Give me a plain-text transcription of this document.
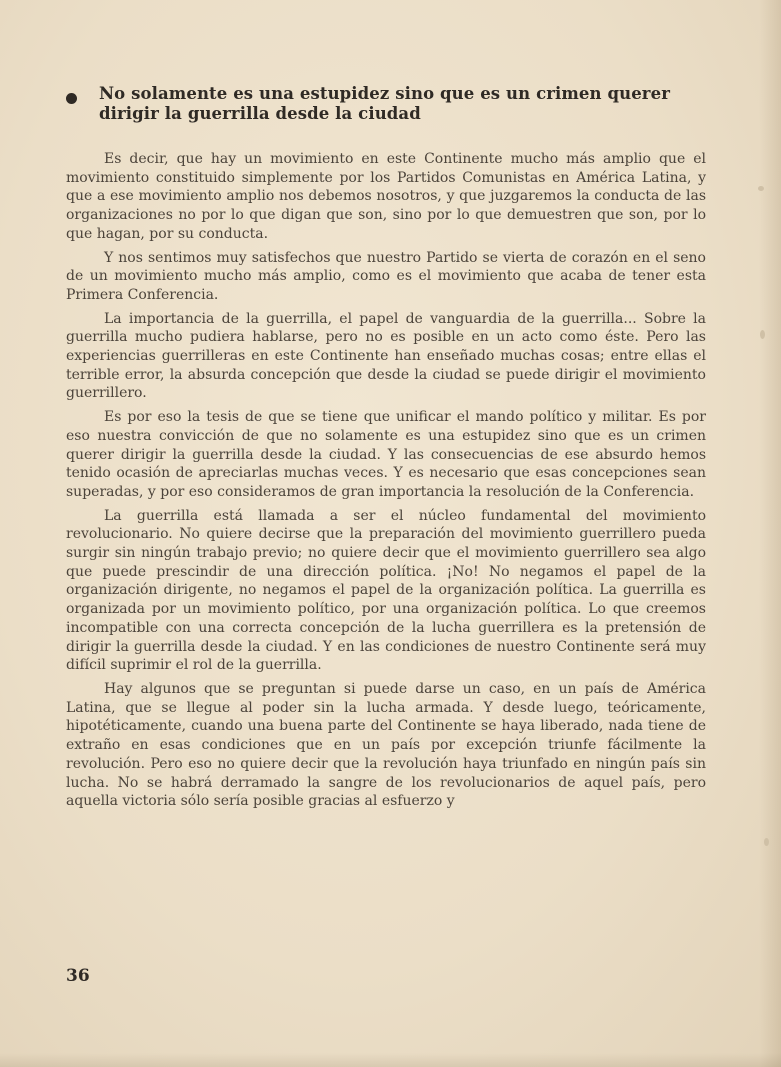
No solamente es una estupidez sino que es un crimen querer dirigir la guerrilla desde la ciudad

Es decir, que hay un movimiento en este Continente mucho más amplio que el movimiento constituido simplemente por los Partidos Comunistas en América Latina, y que a ese movimiento amplio nos debemos nosotros, y que juzgaremos la conducta de las organizaciones no por lo que digan que son, sino por lo que demuestren que son, por lo que hagan, por su conducta.

Y nos sentimos muy satisfechos que nuestro Partido se vierta de corazón en el seno de un movimiento mucho más amplio, como es el movimiento que acaba de tener esta Primera Conferencia.

La importancia de la guerrilla, el papel de vanguardia de la guerrilla... Sobre la guerrilla mucho pudiera hablarse, pero no es posible en un acto como éste. Pero las experiencias guerrilleras en este Continente han enseñado muchas cosas; entre ellas el terrible error, la absurda concepción que desde la ciudad se puede dirigir el movimiento guerrillero.

Es por eso la tesis de que se tiene que unificar el mando político y militar. Es por eso nuestra convicción de que no solamente es una estupidez sino que es un crimen querer dirigir la guerrilla desde la ciudad. Y las consecuencias de ese absurdo hemos tenido ocasión de apreciarlas muchas veces. Y es necesario que esas concepciones sean superadas, y por eso consideramos de gran importancia la resolución de la Conferencia.

La guerrilla está llamada a ser el núcleo fundamental del movimiento revolucionario. No quiere decirse que la preparación del movimiento guerrillero pueda surgir sin ningún trabajo previo; no quiere decir que el movimiento guerrillero sea algo que puede prescindir de una dirección política. ¡No! No negamos el papel de la organización dirigente, no negamos el papel de la organización política. La guerrilla es organizada por un movimiento político, por una organización política. Lo que creemos incompatible con una correcta concepción de la lucha guerrillera es la pretensión de dirigir la guerrilla desde la ciudad. Y en las condiciones de nuestro Continente será muy difícil suprimir el rol de la guerrilla.

Hay algunos que se preguntan si puede darse un caso, en un país de América Latina, que se llegue al poder sin la lucha armada. Y desde luego, teóricamente, hipotéticamente, cuando una buena parte del Continente se haya liberado, nada tiene de extraño en esas condiciones que en un país por excepción triunfe fácilmente la revolución. Pero eso no quiere decir que la revolución haya triunfado en ningún país sin lucha. No se habrá derramado la sangre de los revolucionarios de aquel país, pero aquella victoria sólo sería posible gracias al esfuerzo y

36
